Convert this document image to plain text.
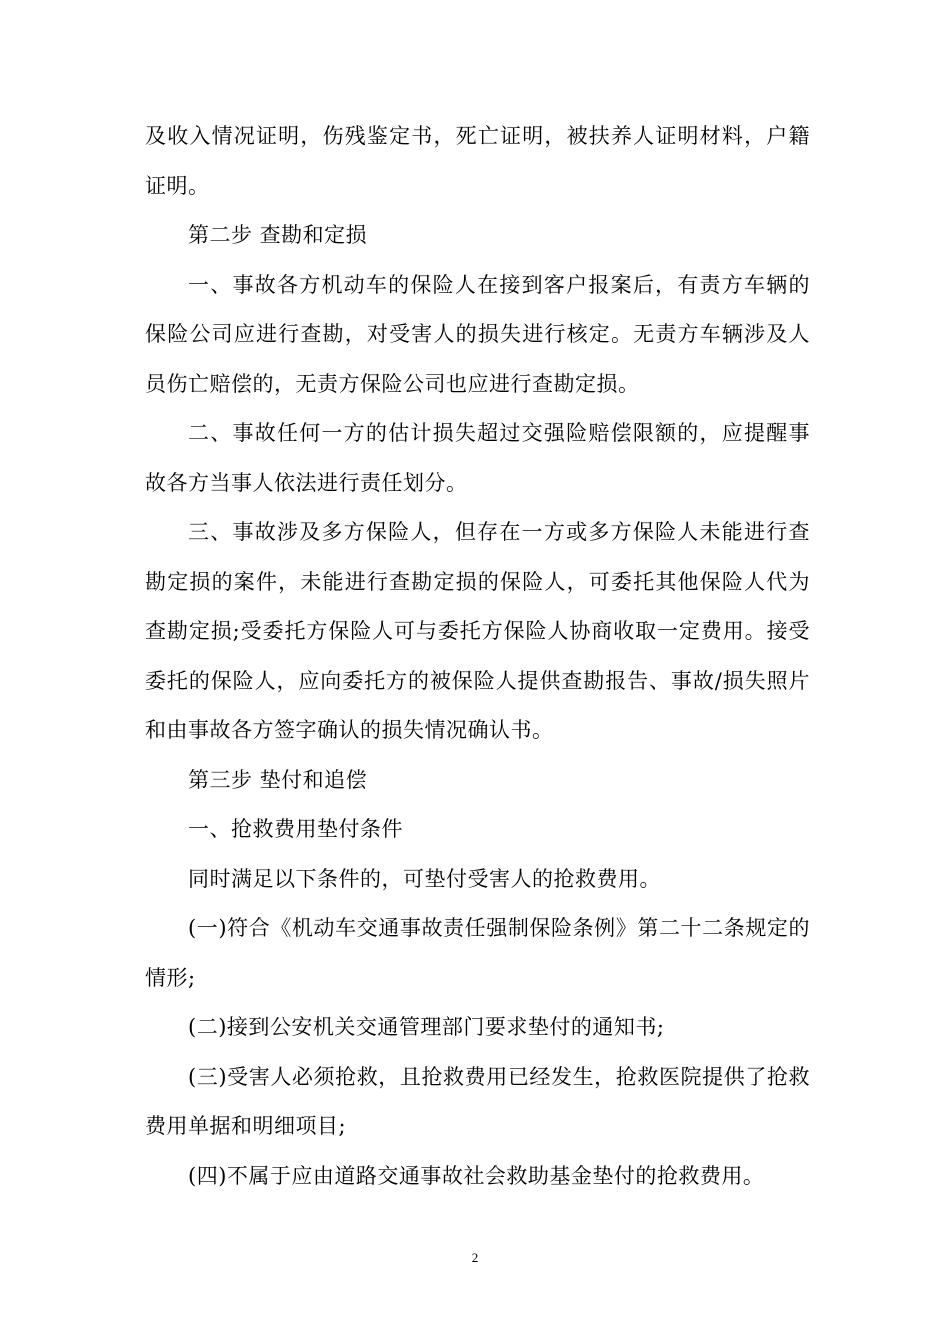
及收入情况证明，伤残鉴定书，死亡证明，被扶养人证明材料，户籍证明。

第二步 查勘和定损

一、事故各方机动车的保险人在接到客户报案后，有责方车辆的保险公司应进行查勘，对受害人的损失进行核定。无责方车辆涉及人员伤亡赔偿的，无责方保险公司也应进行查勘定损。

二、事故任何一方的估计损失超过交强险赔偿限额的，应提醒事故各方当事人依法进行责任划分。

三、事故涉及多方保险人，但存在一方或多方保险人未能进行查勘定损的案件，未能进行查勘定损的保险人，可委托其他保险人代为查勘定损;受委托方保险人可与委托方保险人协商收取一定费用。接受委托的保险人，应向委托方的被保险人提供查勘报告、事故/损失照片和由事故各方签字确认的损失情况确认书。

第三步 垫付和追偿

一、抢救费用垫付条件

同时满足以下条件的，可垫付受害人的抢救费用。

(一)符合《机动车交通事故责任强制保险条例》第二十二条规定的情形;

(二)接到公安机关交通管理部门要求垫付的通知书;

(三)受害人必须抢救，且抢救费用已经发生，抢救医院提供了抢救费用单据和明细项目;

(四)不属于应由道路交通事故社会救助基金垫付的抢救费用。

2
